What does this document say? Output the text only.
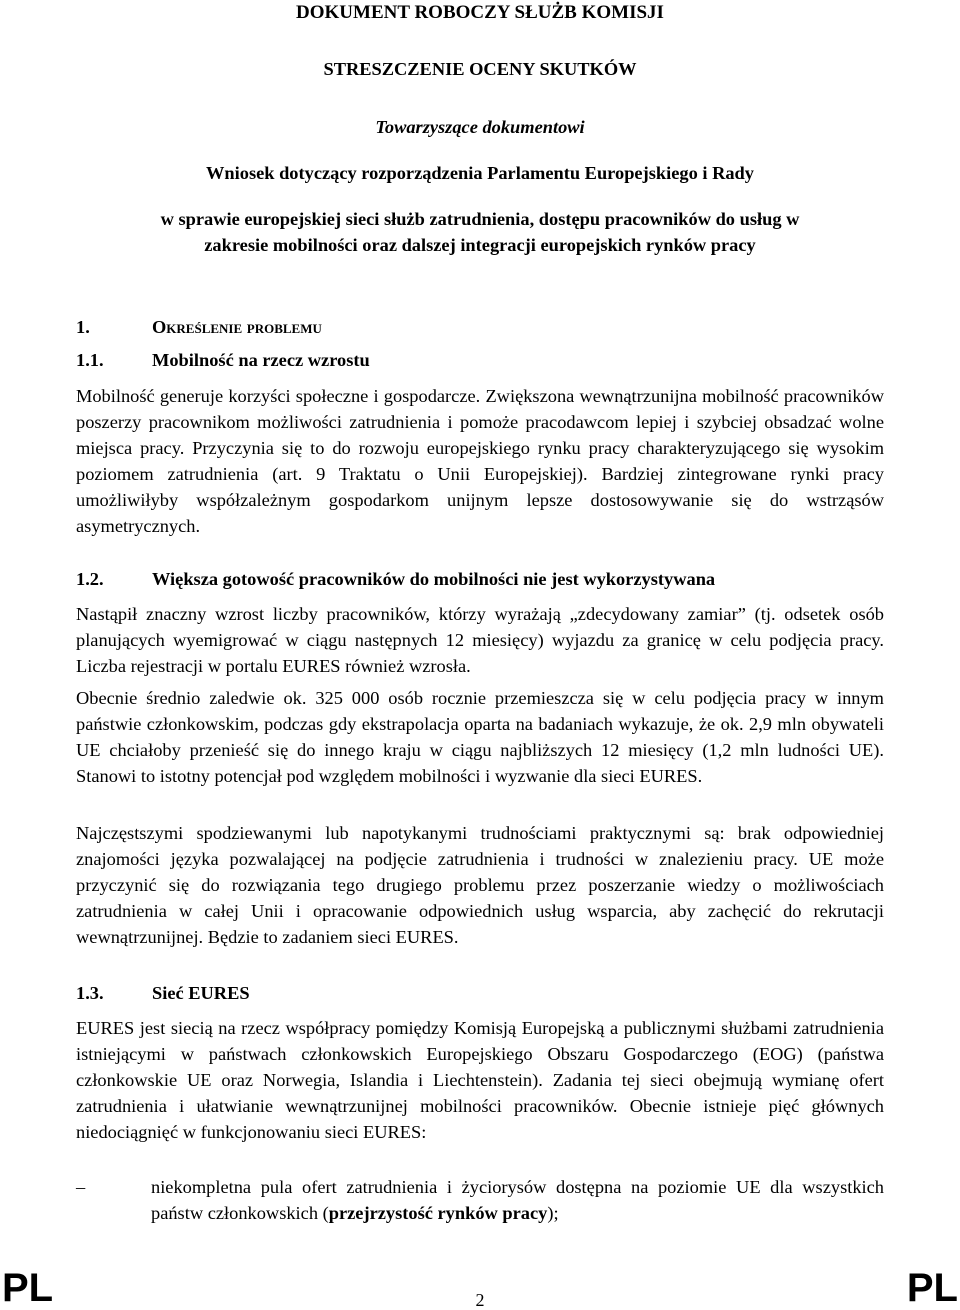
DOKUMENT ROBOCZY SŁUŻB KOMISJI
STRESZCZENIE OCENY SKUTKÓW
Towarzyszące dokumentowi
Wniosek dotyczący rozporządzenia Parlamentu Europejskiego i Rady
w sprawie europejskiej sieci służb zatrudnienia, dostępu pracowników do usług w
zakresie mobilności oraz dalszej integracji europejskich rynków pracy
1.	Określenie problemu
1.1.	Mobilność na rzecz wzrostu
Mobilność generuje korzyści społeczne i gospodarcze. Zwiększona wewnątrzunijna mobilność pracowników poszerzy pracownikom możliwości zatrudnienia i pomoże pracodawcom lepiej i szybciej obsadzać wolne miejsca pracy. Przyczynia się to do rozwoju europejskiego rynku pracy charakteryzującego się wysokim poziomem zatrudnienia (art. 9 Traktatu o Unii Europejskiej). Bardziej zintegrowane rynki pracy umożliwiłyby współzależnym gospodarkom unijnym lepsze dostosowywanie się do wstrząsów asymetrycznych.
1.2.	Większa gotowość pracowników do mobilności nie jest wykorzystywana
Nastąpił znaczny wzrost liczby pracowników, którzy wyrażają „zdecydowany zamiar” (tj. odsetek osób planujących wyemigrować w ciągu następnych 12 miesięcy) wyjazdu za granicę w celu podjęcia pracy. Liczba rejestracji w portalu EURES również wzrosła.
Obecnie średnio zaledwie ok. 325 000 osób rocznie przemieszcza się w celu podjęcia pracy w innym państwie członkowskim, podczas gdy ekstrapolacja oparta na badaniach wykazuje, że ok. 2,9 mln obywateli UE chciałoby przenieść się do innego kraju w ciągu najbliższych 12 miesięcy (1,2 mln ludności UE). Stanowi to istotny potencjał pod względem mobilności i wyzwanie dla sieci EURES.
Najczęstszymi spodziewanymi lub napotykanymi trudnościami praktycznymi są: brak odpowiedniej znajomości języka pozwalającej na podjęcie zatrudnienia i trudności w znalezieniu pracy. UE może przyczynić się do rozwiązania tego drugiego problemu przez poszerzanie wiedzy o możliwościach zatrudnienia w całej Unii i opracowanie odpowiednich usług wsparcia, aby zachęcić do rekrutacji wewnątrzunijnej. Będzie to zadaniem sieci EURES.
1.3.	Sieć EURES
EURES jest siecią na rzecz współpracy pomiędzy Komisją Europejską a publicznymi służbami zatrudnienia istniejącymi w państwach członkowskich Europejskiego Obszaru Gospodarczego (EOG) (państwa członkowskie UE oraz Norwegia, Islandia i Liechtenstein). Zadania tej sieci obejmują wymianę ofert zatrudnienia i ułatwianie wewnątrzunijnej mobilności pracowników. Obecnie istnieje pięć głównych niedociągnięć w funkcjonowaniu sieci EURES:
–	niekompletna pula ofert zatrudnienia i życiorysów dostępna na poziomie UE dla wszystkich państw członkowskich (przejrzystość rynków pracy);
PL	PL
2
